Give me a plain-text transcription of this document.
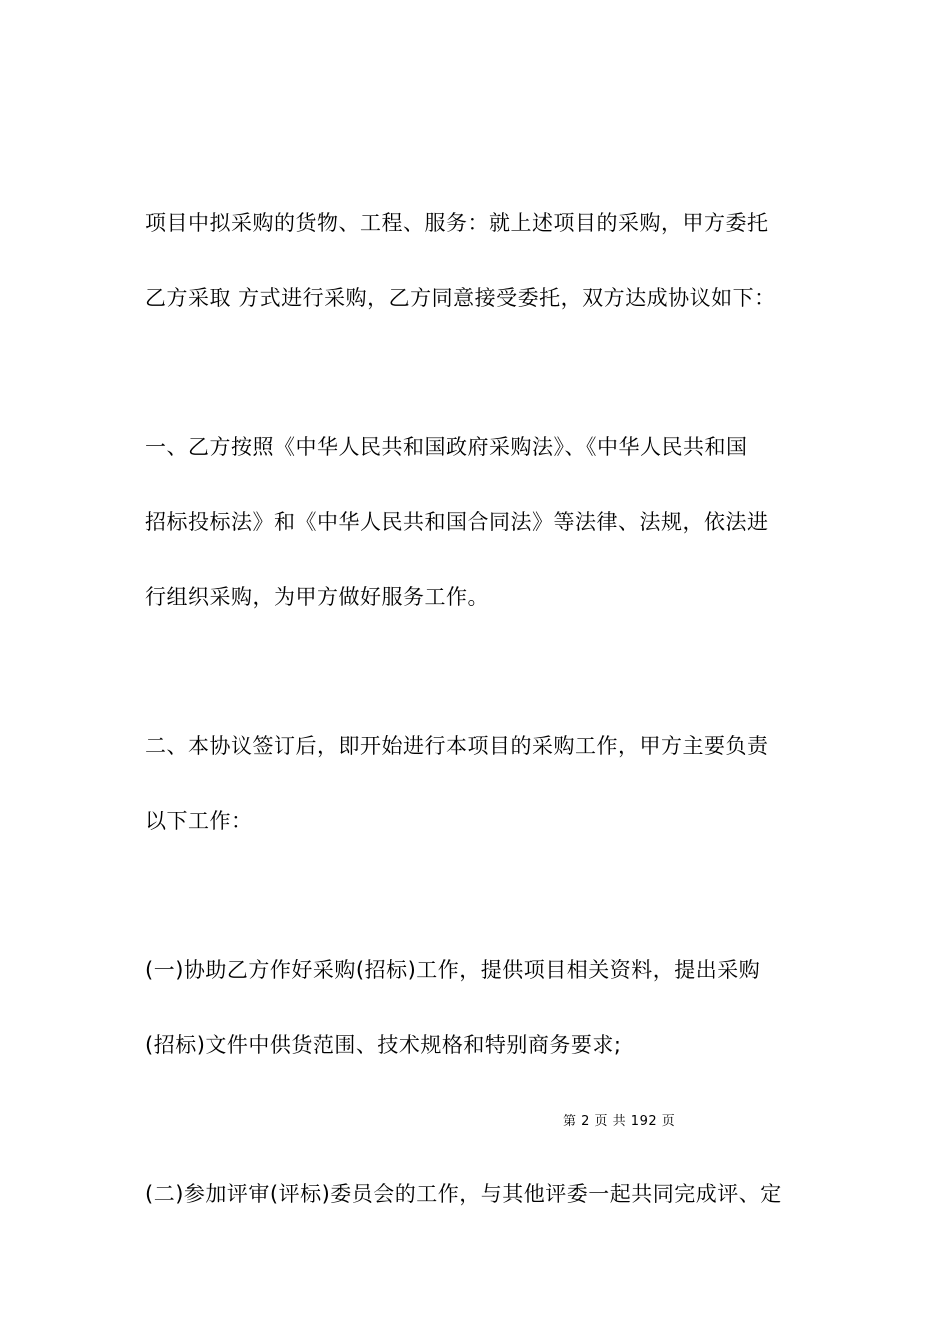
项目中拟采购的货物、工程、服务：就上述项目的采购，甲方委托
乙方采取 方式进行采购，乙方同意接受委托，双方达成协议如下：
一、乙方按照《中华人民共和国政府采购法》、《中华人民共和国
招标投标法》和《中华人民共和国合同法》等法律、法规，依法进
行组织采购，为甲方做好服务工作。
二、本协议签订后，即开始进行本项目的采购工作，甲方主要负责
以下工作：
(一)协助乙方作好采购(招标)工作，提供项目相关资料，提出采购
(招标)文件中供货范围、技术规格和特别商务要求;
第 2 页 共 192 页
(二)参加评审(评标)委员会的工作，与其他评委一起共同完成评、定
